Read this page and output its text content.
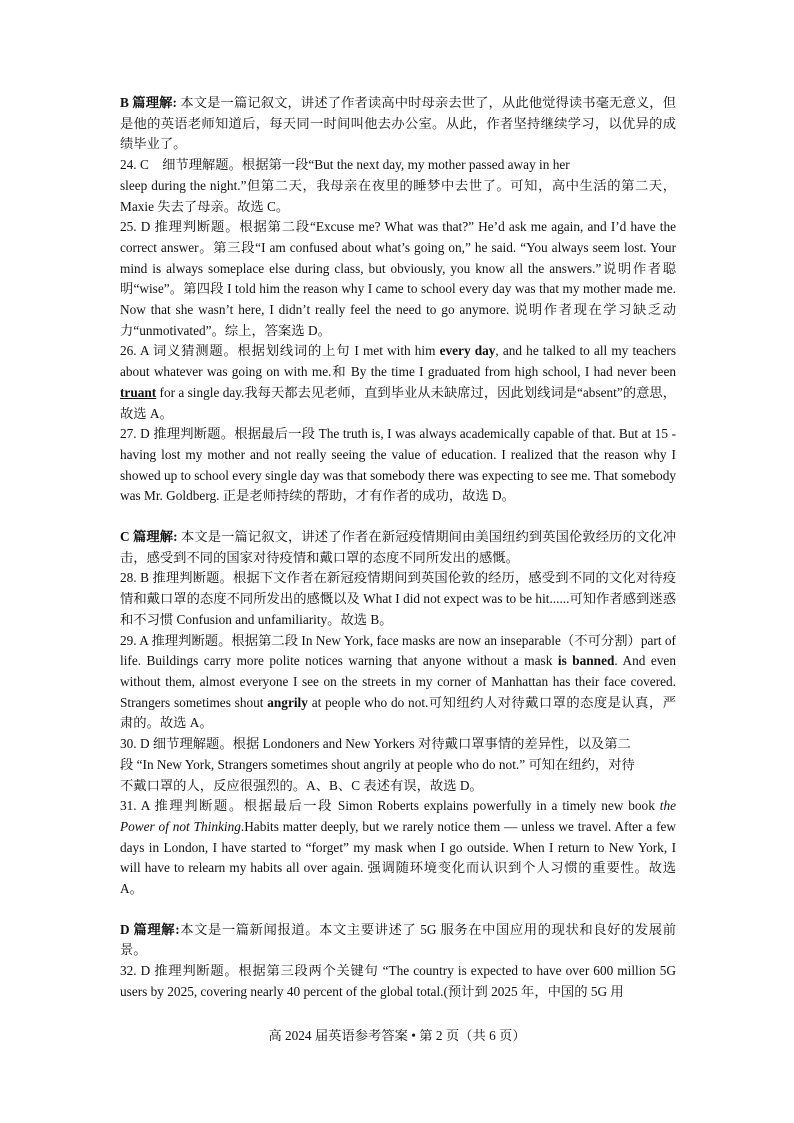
B 篇理解: 本文是一篇记叙文，讲述了作者读高中时母亲去世了，从此他觉得读书毫无意义，但是他的英语老师知道后，每天同一时间叫他去办公室。从此，作者坚持继续学习，以优异的成绩毕业了。
24. C　细节理解题。根据第一段“But the next day, my mother passed away in her
sleep during the night.”但第二天，我母亲在夜里的睡梦中去世了。可知，高中生活的第二天，Maxie 失去了母亲。故选 C。
25. D 推理判断题。根据第二段“Excuse me? What was that?” He’d ask me again, and I’d have the correct answer。第三段“I am confused about what’s going on,” he said. “You always seem lost. Your mind is always someplace else during class, but obviously, you know all the answers.”说明作者聪明“wise”。第四段 I told him the reason why I came to school every day was that my mother made me. Now that she wasn’t here, I didn’t really feel the need to go anymore. 说明作者现在学习缺乏动力“unmotivated”。综上，答案选 D。
26. A 词义猜测题。根据划线词的上句 I met with him every day, and he talked to all my teachers about whatever was going on with me.和 By the time I graduated from high school, I had never been truant for a single day.我每天都去见老师，直到毕业从未缺席过，因此划线词是“absent”的意思，故选 A。
27. D 推理判断题。根据最后一段 The truth is, I was always academically capable of that. But at 15 - having lost my mother and not really seeing the value of education. I realized that the reason why I showed up to school every single day was that somebody there was expecting to see me. That somebody was Mr. Goldberg. 正是老师持续的帮助，才有作者的成功，故选 D。
C 篇理解: 本文是一篇记叙文，讲述了作者在新冠疫情期间由美国纽约到英国伦敦经历的文化冲击，感受到不同的国家对待疫情和戴口罩的态度不同所发出的感慨。
28. B 推理判断题。根据下文作者在新冠疫情期间到英国伦敦的经历，感受到不同的文化对待疫情和戴口罩的态度不同所发出的感慨以及 What I did not expect was to be hit......可知作者感到迷惑和不习惯 Confusion and unfamiliarity。故选 B。
29. A 推理判断题。根据第二段 In New York, face masks are now an inseparable（不可分割）part of life. Buildings carry more polite notices warning that anyone without a mask is banned. And even without them, almost everyone I see on the streets in my corner of Manhattan has their face covered. Strangers sometimes shout angrily at people who do not.可知纽约人对待戴口罩的态度是认真，严肃的。故选 A。
30. D 细节理解题。根据 Londoners and New Yorkers 对待戴口罩事情的差异性，以及第二
段 “In New York, Strangers sometimes shout angrily at people who do not.” 可知在纽约，对待
不戴口罩的人，反应很强烈的。A、B、C 表述有误，故选 D。
31. A 推理判断题。根据最后一段 Simon Roberts explains powerfully in a timely new book the Power of not Thinking.Habits matter deeply, but we rarely notice them — unless we travel. After a few days in London, I have started to “forget” my mask when I go outside. When I return to New York, I will have to relearn my habits all over again. 强调随环境变化而认识到个人习惯的重要性。故选 A。
D 篇理解:本文是一篇新闻报道。本文主要讲述了 5G 服务在中国应用的现状和良好的发展前景。
32. D 推理判断题。根据第三段两个关键句 “The country is expected to have over 600 million 5G users by 2025, covering nearly 40 percent of the global total.(预计到 2025 年，中国的 5G 用
高 2024 届英语参考答案 • 第 2 页（共 6 页）
